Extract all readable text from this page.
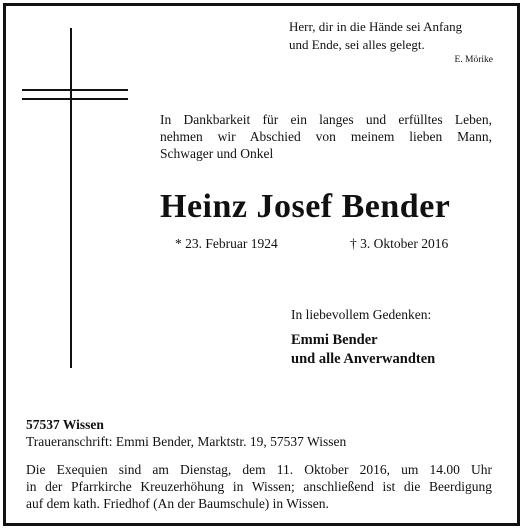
Herr, dir in die Hände sei Anfang
und Ende, sei alles gelegt.
E. Mörike
In Dankbarkeit für ein langes und erfülltes Leben,
nehmen wir Abschied von meinem lieben Mann,
Schwager und Onkel
Heinz Josef Bender
* 23. Februar 1924	† 3. Oktober 2016
In liebevollem Gedenken:
Emmi Bender
und alle Anverwandten
57537 Wissen
Traueranschrift: Emmi Bender, Marktstr. 19, 57537 Wissen
Die Exequien sind am Dienstag, dem 11. Oktober 2016, um 14.00 Uhr
in der Pfarrkirche Kreuzerhöhung in Wissen; anschließend ist die Beerdigung
auf dem kath. Friedhof (An der Baumschule) in Wissen.
